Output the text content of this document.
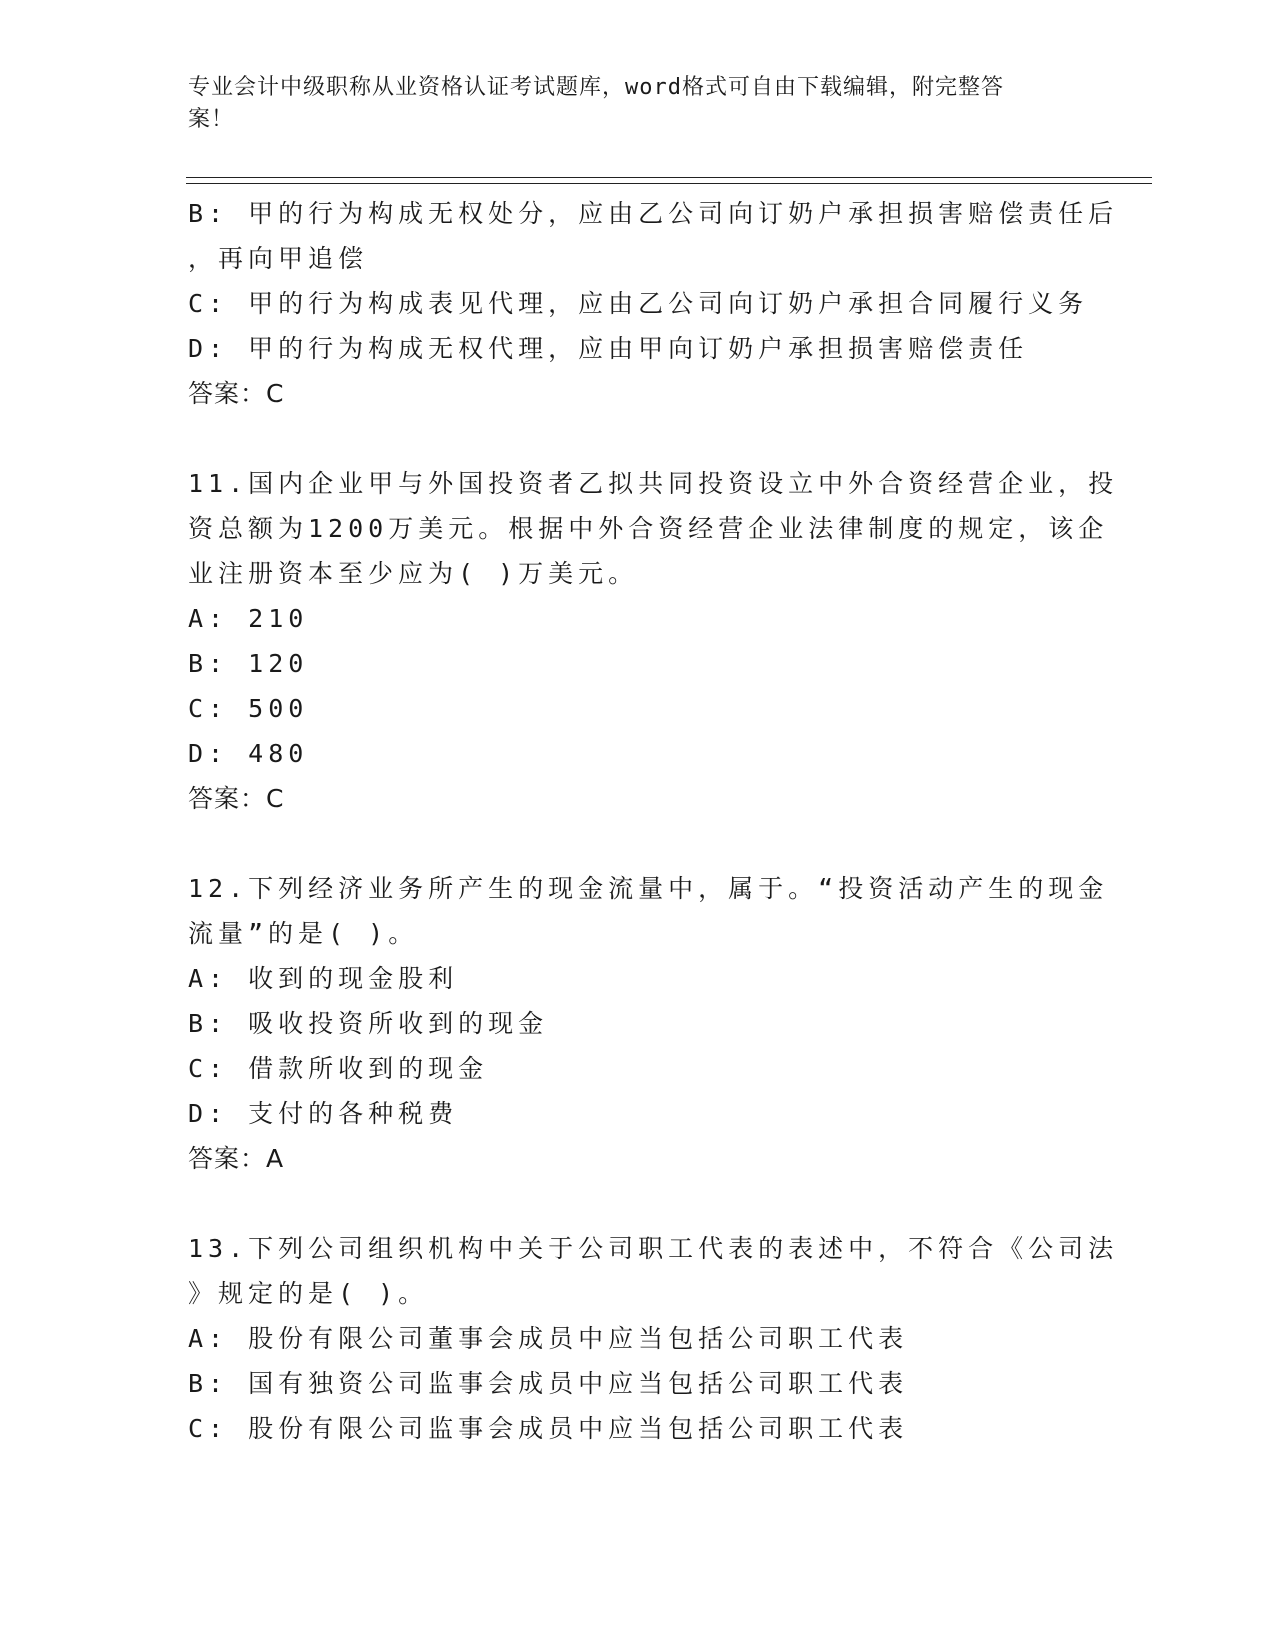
专业会计中级职称从业资格认证考试题库，word格式可自由下载编辑，附完整答
案！
B: 甲的行为构成无权处分，应由乙公司向订奶户承担损害赔偿责任后
，再向甲追偿
C: 甲的行为构成表见代理，应由乙公司向订奶户承担合同履行义务
D: 甲的行为构成无权代理，应由甲向订奶户承担损害赔偿责任
答案：C
11.国内企业甲与外国投资者乙拟共同投资设立中外合资经营企业，投
资总额为1200万美元。根据中外合资经营企业法律制度的规定，该企
业注册资本至少应为( )万美元。
A: 210
B: 120
C: 500
D: 480
答案：C
12.下列经济业务所产生的现金流量中，属于。“投资活动产生的现金
流量”的是( )。
A: 收到的现金股利
B: 吸收投资所收到的现金
C: 借款所收到的现金
D: 支付的各种税费
答案：A
13.下列公司组织机构中关于公司职工代表的表述中，不符合《公司法
》规定的是( )。
A: 股份有限公司董事会成员中应当包括公司职工代表
B: 国有独资公司监事会成员中应当包括公司职工代表
C: 股份有限公司监事会成员中应当包括公司职工代表
